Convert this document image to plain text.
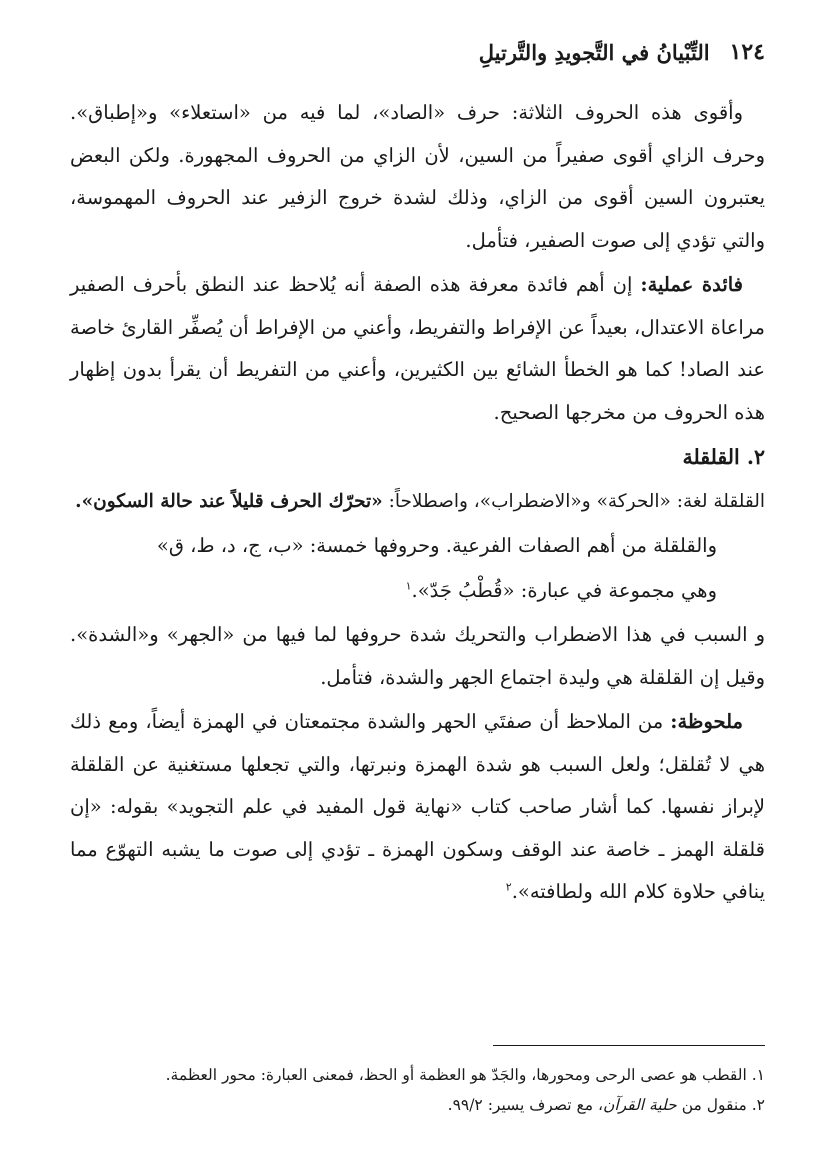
١٢٤
التِّبْيانُ في التَّجويدِ والتَّرتيلِ

وأقوى هذه الحروف الثلاثة: حرف «الصاد»، لما فيه من «استعلاء» و«إطباق». وحرف الزاي أقوى صفيراً من السين، لأن الزاي من الحروف المجهورة. ولكن البعض يعتبرون السين أقوى من الزاي، وذلك لشدة خروج الزفير عند الحروف المهموسة، والتي تؤدي إلى صوت الصفير، فتأمل.

فائدة عملية: إن أهم فائدة معرفة هذه الصفة أنه يُلاحظ عند النطق بأحرف الصفير مراعاة الاعتدال، بعيداً عن الإفراط والتفريط، وأعني من الإفراط أن يُصفِّر القارئ خاصة عند الصاد! كما هو الخطأ الشائع بين الكثيرين، وأعني من التفريط أن يقرأ بدون إظهار هذه الحروف من مخرجها الصحيح.

٢. القلقلة

القلقلة لغة: «الحركة» و«الاضطراب»، واصطلاحاً: «تحرّك الحرف قليلاً عند حالة السكون».

والقلقلة من أهم الصفات الفرعية. وحروفها خمسة: «ب، ج، د، ط، ق»

وهي مجموعة في عبارة: «قُطْبُ جَدّ».$^١$

و السبب في هذا الاضطراب والتحريك شدة حروفها لما فيها من «الجهر» و«الشدة». وقيل إن القلقلة هي وليدة اجتماع الجهر والشدة، فتأمل.

ملحوظة: من الملاحظ أن صفتَي الحهر والشدة مجتمعتان في الهمزة أيضاً، ومع ذلك هي لا تُقلقل؛ ولعل السبب هو شدة الهمزة ونبرتها، والتي تجعلها مستغنية عن القلقلة لإبراز نفسها. كما أشار صاحب كتاب «نهاية قول المفيد في علم التجويد» بقوله: «إن قلقلة الهمز ـ خاصة عند الوقف وسكون الهمزة ـ تؤدي إلى صوت ما يشبه التهوّع مما ينافي حلاوة كلام الله ولطافته».$^٢$

١. القطب هو عصى الرحى ومحورها، والجَدّ هو العظمة أو الحظ، فمعنى العبارة: محور العظمة.

٢. منقول من حلية القرآن، مع تصرف يسير: ٩٩/٢.
